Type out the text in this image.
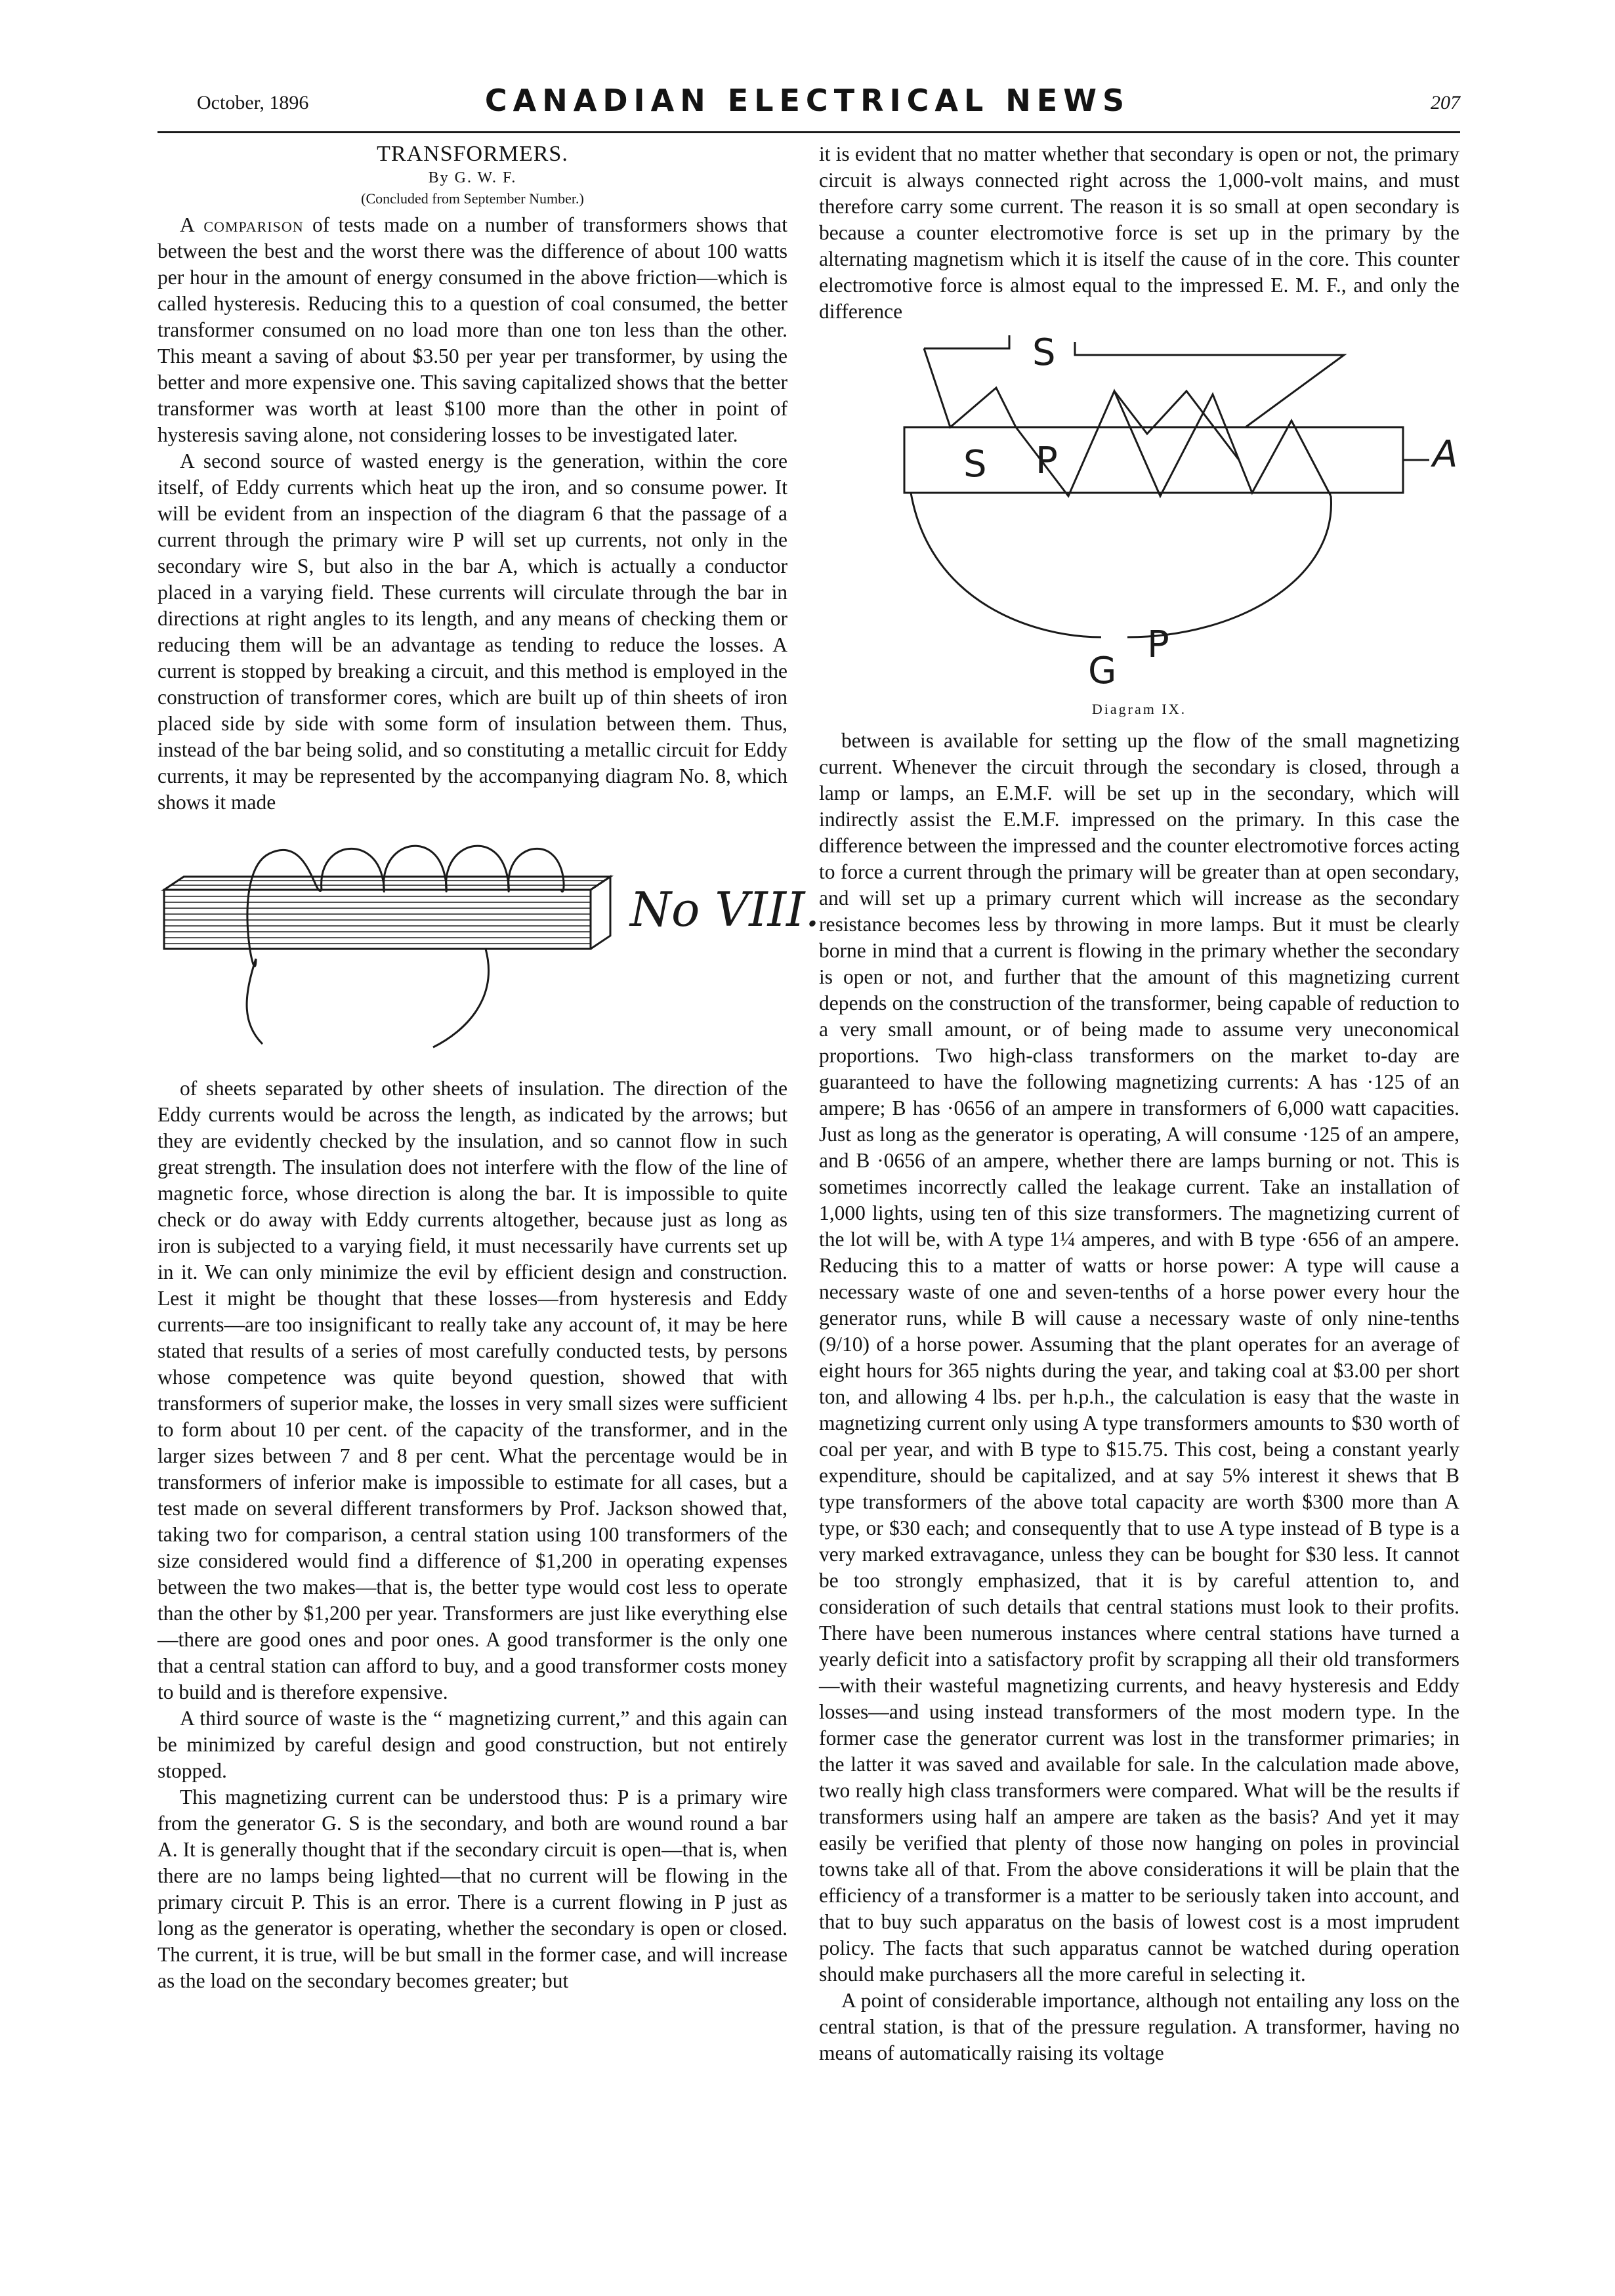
October, 1896	CANADIAN ELECTRICAL NEWS	207
TRANSFORMERS.
By G. W. F.
(Concluded from September Number.)

A comparison of tests made on a number of transformers shows that between the best and the worst there was the difference of about 100 watts per hour in the amount of energy consumed in the above friction—which is called hysteresis. Reducing this to a question of coal consumed, the better transformer consumed on no load more than one ton less than the other. This meant a saving of about $3.50 per year per transformer, by using the better and more expensive one. This saving capitalized shows that the better transformer was worth at least $100 more than the other in point of hysteresis saving alone, not considering losses to be investigated later.

A second source of wasted energy is the generation, within the core itself, of Eddy currents which heat up the iron, and so consume power. It will be evident from an inspection of the diagram 6 that the passage of a current through the primary wire P will set up currents, not only in the secondary wire S, but also in the bar A, which is actually a conductor placed in a varying field. These currents will circulate through the bar in directions at right angles to its length, and any means of checking them or reducing them will be an advantage as tending to reduce the losses. A current is stopped by breaking a circuit, and this method is employed in the construction of transformer cores, which are built up of thin sheets of iron placed side by side with some form of insulation between them. Thus, instead of the bar being solid, and so constituting a metallic circuit for Eddy currents, it may be represented by the accompanying diagram No. 8, which shows it made

No VIII.

of sheets separated by other sheets of insulation. The direction of the Eddy currents would be across the length, as indicated by the arrows; but they are evidently checked by the insulation, and so cannot flow in such great strength. The insulation does not interfere with the flow of the line of magnetic force, whose direction is along the bar. It is impossible to quite check or do away with Eddy currents altogether, because just as long as iron is subjected to a varying field, it must necessarily have currents set up in it. We can only minimize the evil by efficient design and construction. Lest it might be thought that these losses—from hysteresis and Eddy currents—are too insignificant to really take any account of, it may be here stated that results of a series of most carefully conducted tests, by persons whose competence was quite beyond question, showed that with transformers of superior make, the losses in very small sizes were sufficient to form about 10 per cent. of the capacity of the transformer, and in the larger sizes between 7 and 8 per cent. What the percentage would be in transformers of inferior make is impossible to estimate for all cases, but a test made on several different transformers by Prof. Jackson showed that, taking two for comparison, a central station using 100 transformers of the size considered would find a difference of $1,200 in operating expenses between the two makes—that is, the better type would cost less to operate than the other by $1,200 per year. Transformers are just like everything else—there are good ones and poor ones. A good transformer is the only one that a central station can afford to buy, and a good transformer costs money to build and is therefore expensive.

A third source of waste is the “ magnetizing current,” and this again can be minimized by careful design and good construction, but not entirely stopped.

This magnetizing current can be understood thus: P is a primary wire from the generator G. S is the secondary, and both are wound round a bar A. It is generally thought that if the secondary circuit is open—that is, when there are no lamps being lighted—that no current will be flowing in the primary circuit P. This is an error. There is a current flowing in P just as long as the generator is operating, whether the secondary is open or closed. The current, it is true, will be but small in the former case, and will increase as the load on the secondary becomes greater; but

it is evident that no matter whether that secondary is open or not, the primary circuit is always connected right across the 1,000-volt mains, and must therefore carry some current. The reason it is so small at open secondary is because a counter electromotive force is set up in the primary by the alternating magnetism which it is itself the cause of in the core. This counter electromotive force is almost equal to the impressed E. M. F., and only the difference

S
S P	A
P
G
Diagram IX.

between is available for setting up the flow of the small magnetizing current. Whenever the circuit through the secondary is closed, through a lamp or lamps, an E.M.F. will be set up in the secondary, which will indirectly assist the E.M.F. impressed on the primary. In this case the difference between the impressed and the counter electromotive forces acting to force a current through the primary will be greater than at open secondary, and will set up a primary current which will increase as the secondary resistance becomes less by throwing in more lamps. But it must be clearly borne in mind that a current is flowing in the primary whether the secondary is open or not, and further that the amount of this magnetizing current depends on the construction of the transformer, being capable of reduction to a very small amount, or of being made to assume very uneconomical proportions. Two high-class transformers on the market to-day are guaranteed to have the following magnetizing currents: A has ·125 of an ampere; B has ·0656 of an ampere in transformers of 6,000 watt capacities. Just as long as the generator is operating, A will consume ·125 of an ampere, and B ·0656 of an ampere, whether there are lamps burning or not. This is sometimes incorrectly called the leakage current. Take an installation of 1,000 lights, using ten of this size transformers. The magnetizing current of the lot will be, with A type 1¼ amperes, and with B type ·656 of an ampere. Reducing this to a matter of watts or horse power: A type will cause a necessary waste of one and seven-tenths of a horse power every hour the generator runs, while B will cause a necessary waste of only nine-tenths (9/10) of a horse power. Assuming that the plant operates for an average of eight hours for 365 nights during the year, and taking coal at $3.00 per short ton, and allowing 4 lbs. per h.p.h., the calculation is easy that the waste in magnetizing current only using A type transformers amounts to $30 worth of coal per year, and with B type to $15.75. This cost, being a constant yearly expenditure, should be capitalized, and at say 5% interest it shews that B type transformers of the above total capacity are worth $300 more than A type, or $30 each; and consequently that to use A type instead of B type is a very marked extravagance, unless they can be bought for $30 less. It cannot be too strongly emphasized, that it is by careful attention to, and consideration of such details that central stations must look to their profits. There have been numerous instances where central stations have turned a yearly deficit into a satisfactory profit by scrapping all their old transformers—with their wasteful magnetizing currents, and heavy hysteresis and Eddy losses—and using instead transformers of the most modern type. In the former case the generator current was lost in the transformer primaries; in the latter it was saved and available for sale. In the calculation made above, two really high class transformers were compared. What will be the results if transformers using half an ampere are taken as the basis? And yet it may easily be verified that plenty of those now hanging on poles in provincial towns take all of that. From the above considerations it will be plain that the efficiency of a transformer is a matter to be seriously taken into account, and that to buy such apparatus on the basis of lowest cost is a most imprudent policy. The facts that such apparatus cannot be watched during operation should make purchasers all the more careful in selecting it.

A point of considerable importance, although not entailing any loss on the central station, is that of the pressure regulation. A transformer, having no means of automatically raising its voltage
